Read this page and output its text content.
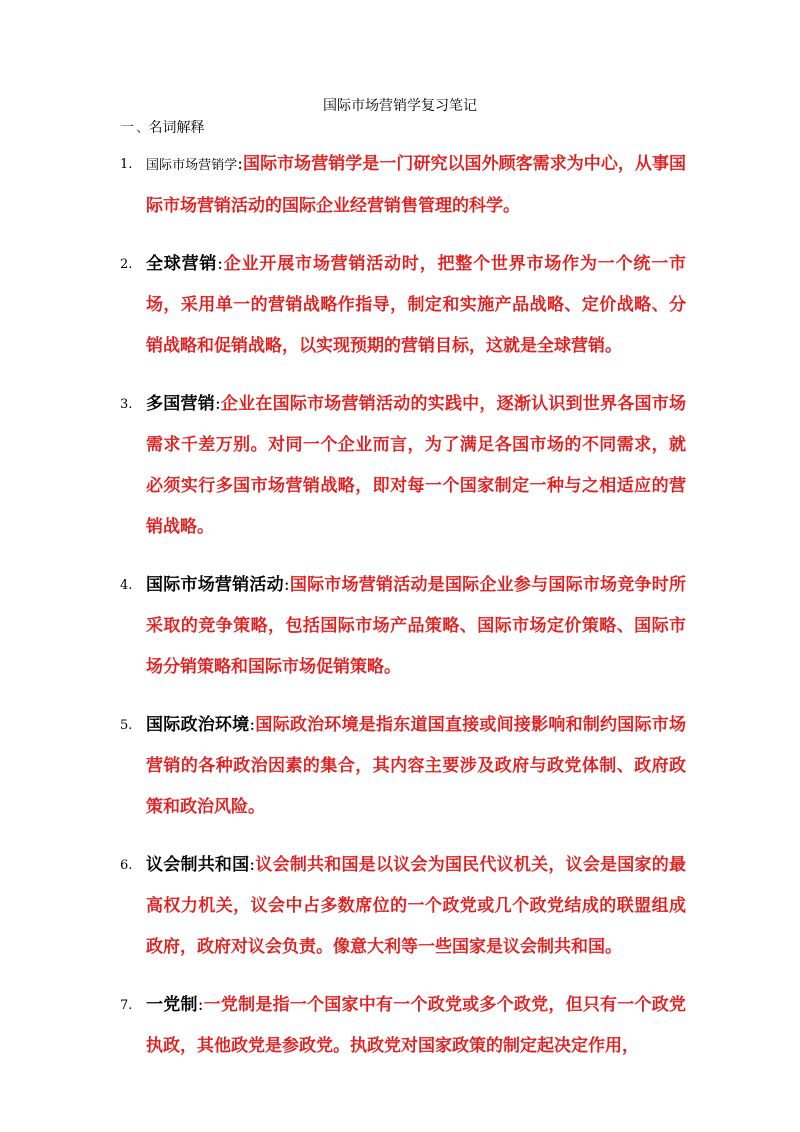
国际市场营销学复习笔记
一、 名词解释
1. 国际市场营销学:国际市场营销学是一门研究以国外顾客需求为中心，从事国际市场营销活动的国际企业经营销售管理的科学。

2. 全球营销:企业开展市场营销活动时，把整个世界市场作为一个统一市场，采用单一的营销战略作指导，制定和实施产品战略、定价战略、分销战略和促销战略，以实现预期的营销目标，这就是全球营销。

3. 多国营销:企业在国际市场营销活动的实践中，逐渐认识到世界各国市场需求千差万别。对同一个企业而言，为了满足各国市场的不同需求，就必须实行多国市场营销战略，即对每一个国家制定一种与之相适应的营销战略。

4. 国际市场营销活动:国际市场营销活动是国际企业参与国际市场竞争时所采取的竞争策略，包括国际市场产品策略、国际市场定价策略、国际市场分销策略和国际市场促销策略。

5. 国际政治环境:国际政治环境是指东道国直接或间接影响和制约国际市场营销的各种政治因素的集合，其内容主要涉及政府与政党体制、政府政策和政治风险。

6. 议会制共和国:议会制共和国是以议会为国民代议机关，议会是国家的最高权力机关，议会中占多数席位的一个政党或几个政党结成的联盟组成政府，政府对议会负责。像意大利等一些国家是议会制共和国。

7. 一党制:一党制是指一个国家中有一个政党或多个政党，但只有一个政党执政，其他政党是参政党。执政党对国家政策的制定起决定作用，
